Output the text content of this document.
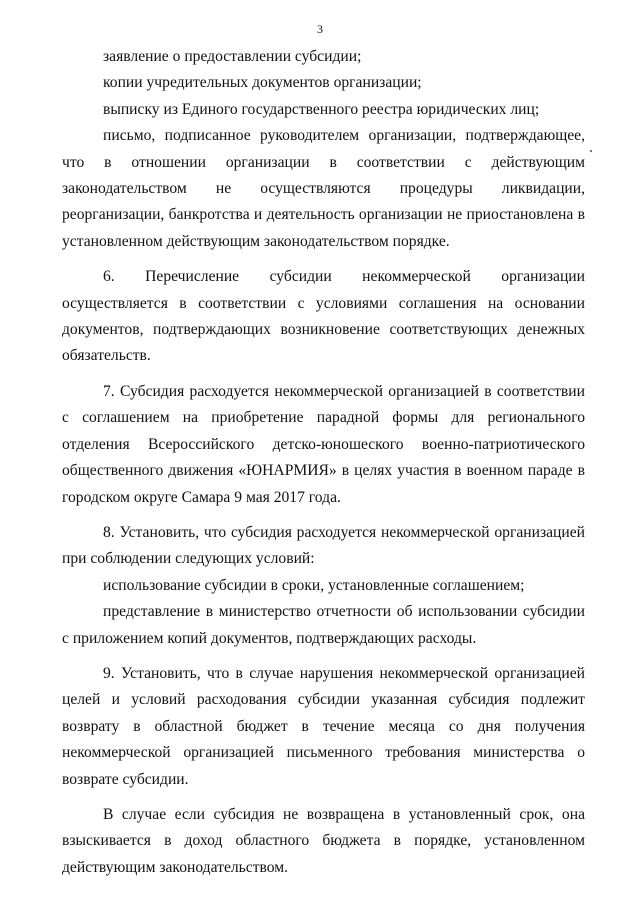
3

заявление о предоставлении субсидии;

копии учредительных документов организации;

выписку из Единого государственного реестра юридических лиц;

письмо, подписанное руководителем организации, подтверждающее, что в отношении организации в соответствии с действующим законодательством не осуществляются процедуры ликвидации, реорганизации, банкротства и деятельность организации не приостановлена в установленном действующим законодательством порядке.

6. Перечисление субсидии некоммерческой организации осуществляется в соответствии с условиями соглашения на основании документов, подтверждающих возникновение соответствующих денежных обязательств.

7. Субсидия расходуется некоммерческой организацией в соответствии с соглашением на приобретение парадной формы для регионального отделения Всероссийского детско-юношеского военно-патриотического общественного движения «ЮНАРМИЯ» в целях участия в военном параде в городском округе Самара 9 мая 2017 года.

8. Установить, что субсидия расходуется некоммерческой организацией при соблюдении следующих условий:

использование субсидии в сроки, установленные соглашением;

представление в министерство отчетности об использовании субсидии с приложением копий документов, подтверждающих расходы.

9. Установить, что в случае нарушения некоммерческой организацией целей и условий расходования субсидии указанная субсидия подлежит возврату в областной бюджет в течение месяца со дня получения некоммерческой организацией письменного требования министерства о возврате субсидии.

В случае если субсидия не возвращена в установленный срок, она взыскивается в доход областного бюджета в порядке, установленном действующим законодательством.
